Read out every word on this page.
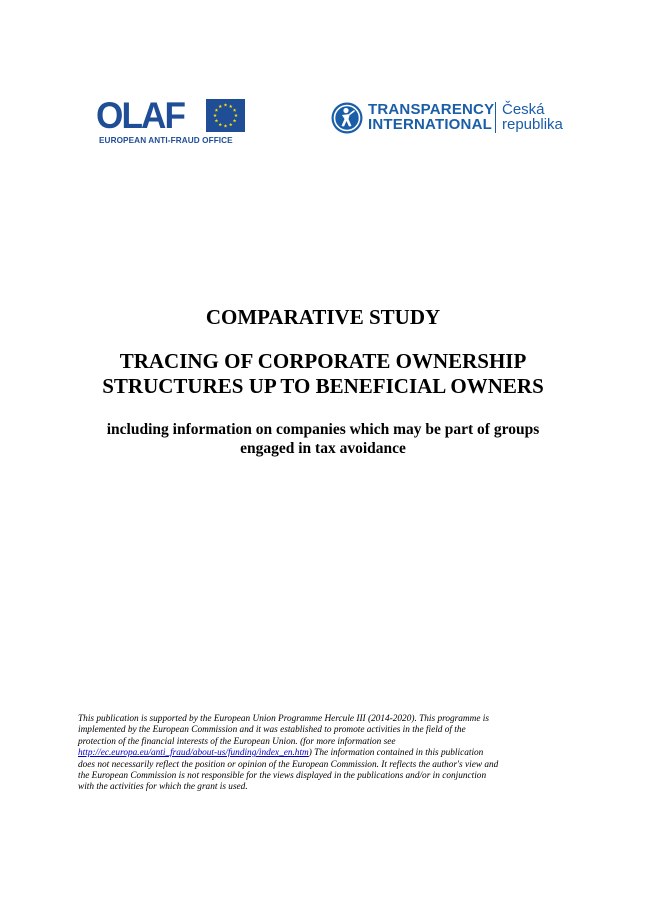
OLAF
EUROPEAN ANTI-FRAUD OFFICE
TRANSPARENCY
INTERNATIONAL
Česká
republika
COMPARATIVE STUDY
TRACING OF CORPORATE OWNERSHIP
STRUCTURES UP TO BENEFICIAL OWNERS
including information on companies which may be part of groups
engaged in tax avoidance
This publication is supported by the European Union Programme Hercule III (2014-2020). This programme is
implemented by the European Commission and it was established to promote activities in the field of the
protection of the financial interests of the European Union. (for more information see
http://ec.europa.eu/anti_fraud/about-us/funding/index_en.htm) The information contained in this publication
does not necessarily reflect the position or opinion of the European Commission. It reflects the author's view and
the European Commission is not responsible for the views displayed in the publications and/or in conjunction
with the activities for which the grant is used.
